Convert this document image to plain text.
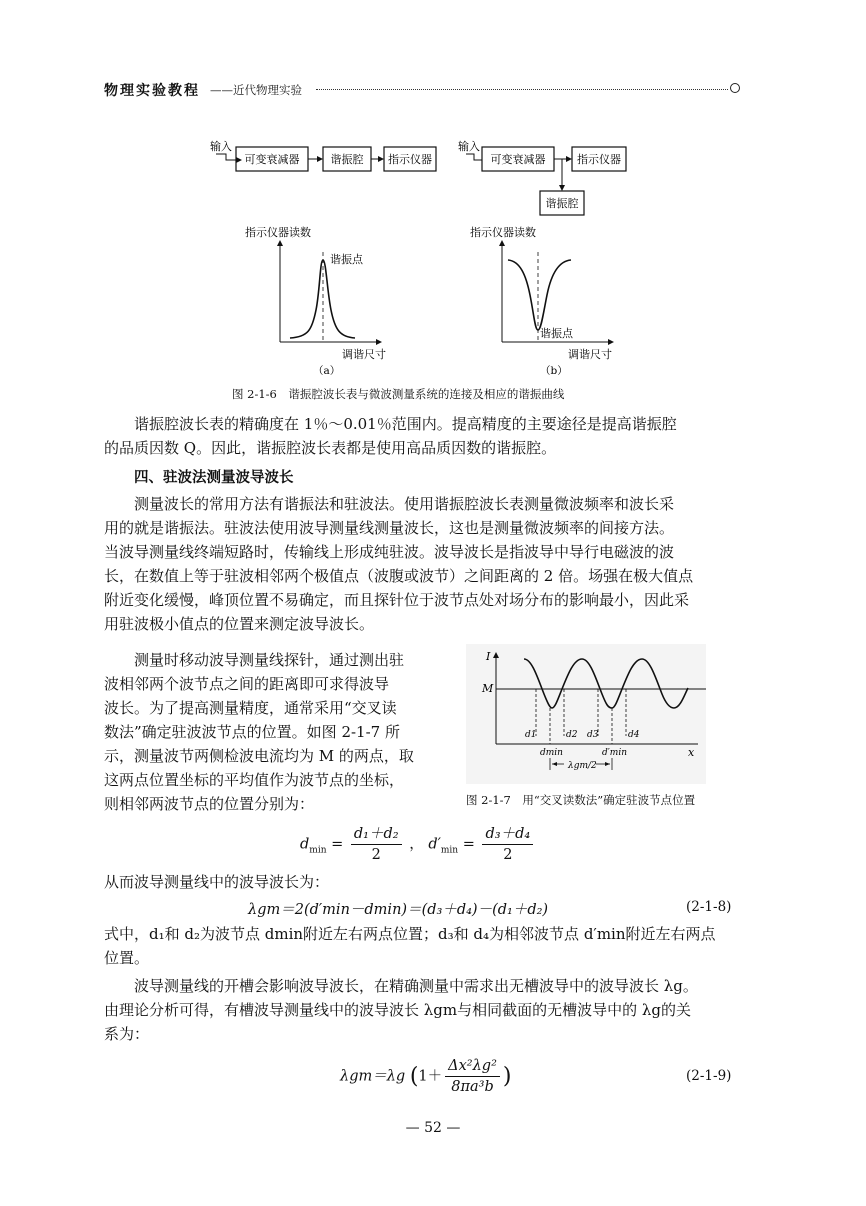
物理实验教程 ——近代物理实验
输入
可变衰减器	谐振腔 指示仪器
输入
可变衰减器	指示仪器
谐振腔
指示仪器读数
谐振点
调谐尺寸
（a）
指示仪器读数
谐振点
调谐尺寸
（b）
图 2-1-6　谐振腔波长表与微波测量系统的连接及相应的谐振曲线
谐振腔波长表的精确度在 1％～0.01％范围内。提高精度的主要途径是提高谐振腔
的品质因数 Q。因此，谐振腔波长表都是使用高品质因数的谐振腔。
四、驻波法测量波导波长
测量波长的常用方法有谐振法和驻波法。使用谐振腔波长表测量微波频率和波长采
用的就是谐振法。驻波法使用波导测量线测量波长，这也是测量微波频率的间接方法。
当波导测量线终端短路时，传输线上形成纯驻波。波导波长是指波导中导行电磁波的波
长，在数值上等于驻波相邻两个极值点（波腹或波节）之间距离的 2 倍。场强在极大值点
附近变化缓慢，峰顶位置不易确定，而且探针位于波节点处对场分布的影响最小，因此采
用驻波极小值点的位置来测定波导波长。
测量时移动波导测量线探针，通过测出驻
波相邻两个波节点之间的距离即可求得波导
波长。为了提高测量精度，通常采用“交叉读
数法”确定驻波波节点的位置。如图 2-1-7 所
示，测量波节两侧检波电流均为 M 的两点，取
这两点位置坐标的平均值作为波节点的坐标，
则相邻两波节点的位置分别为：
I
M
x
d1	d2 d3	d4
dmin	d′min
λgm/2
图 2-1-7　用“交叉读数法”确定驻波节点位置
$d_{min} = \frac{\text{d₁＋d₂}}{2}$ ， $d'_{min} = \frac{\text{d₃＋d₄}}{2}$
从而波导测量线中的波导波长为：
λgm＝2(d′min－dmin)＝(d₃＋d₄)－(d₁＋d₂)	(2-1-8)
式中，d₁和 d₂为波节点 dmin附近左右两点位置；d₃和 d₄为相邻波节点 d′min附近左右两点
位置。
波导测量线的开槽会影响波导波长，在精确测量中需求出无槽波导中的波导波长 λg。
由理论分析可得，有槽波导测量线中的波导波长 λgm与相同截面的无槽波导中的 λg的关
系为：
λgm＝λg ($1+ \frac{\text{Δx²λg²}}{\text{8πa³b}}$ )	(2-1-9)
— 52 —
